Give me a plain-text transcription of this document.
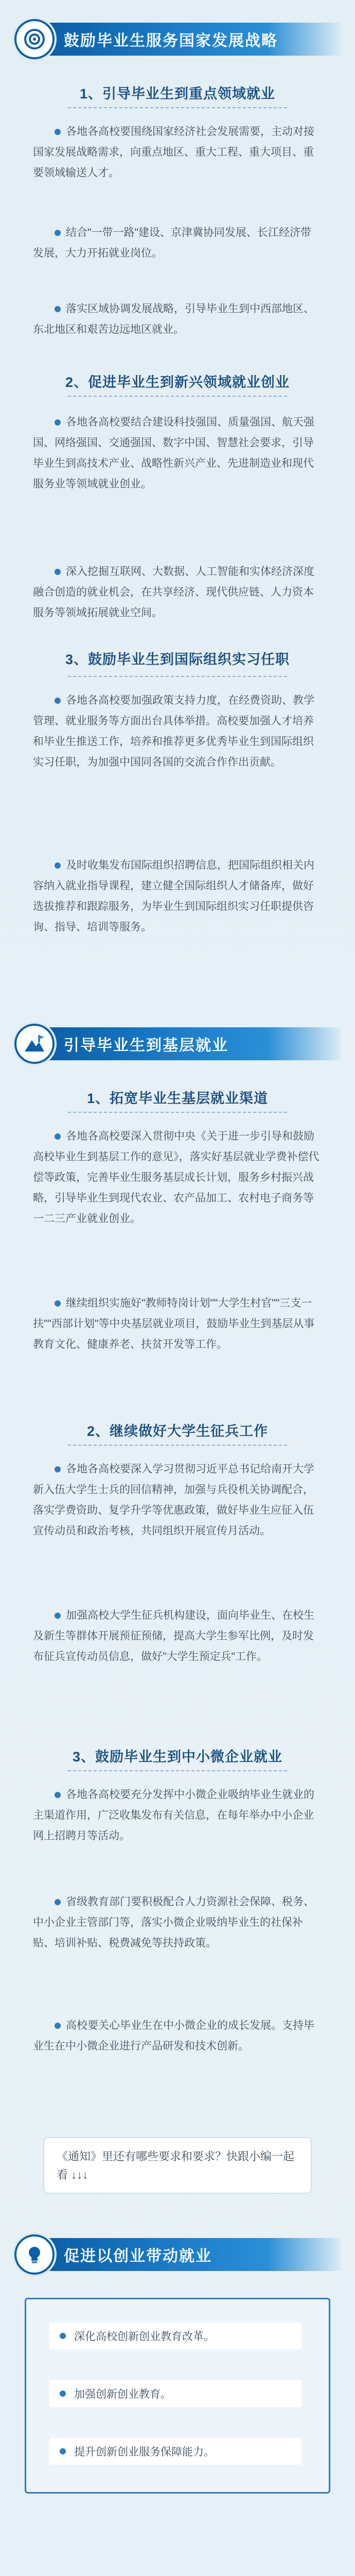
鼓励毕业生服务国家发展战略
1、引导毕业生到重点领域就业

各地各高校要围绕国家经济社会发展需要，主动对接国家发展战略需求，向重点地区、重大工程、重大项目、重要领域输送人才。

结合"一带一路"建设、京津冀协同发展、长江经济带发展，大力开拓就业岗位。

落实区域协调发展战略，引导毕业生到中西部地区、东北地区和艰苦边远地区就业。

2、促进毕业生到新兴领域就业创业

各地各高校要结合建设科技强国、质量强国、航天强国、网络强国、交通强国、数字中国、智慧社会要求，引导毕业生到高技术产业、战略性新兴产业、先进制造业和现代服务业等领域就业创业。

深入挖掘互联网、大数据、人工智能和实体经济深度融合创造的就业机会，在共享经济、现代供应链、人力资本服务等领域拓展就业空间。

3、鼓励毕业生到国际组织实习任职

各地各高校要加强政策支持力度，在经费资助、教学管理、就业服务等方面出台具体举措。高校要加强人才培养和毕业生推送工作，培养和推荐更多优秀毕业生到国际组织实习任职，为加强中国同各国的交流合作作出贡献。

及时收集发布国际组织招聘信息，把国际组织相关内容纳入就业指导课程，建立健全国际组织人才储备库，做好选拔推荐和跟踪服务，为毕业生到国际组织实习任职提供咨询、指导、培训等服务。

引导毕业生到基层就业
1、拓宽毕业生基层就业渠道

各地各高校要深入贯彻中央《关于进一步引导和鼓励高校毕业生到基层工作的意见》，落实好基层就业学费补偿代偿等政策，完善毕业生服务基层成长计划，服务乡村振兴战略，引导毕业生到现代农业、农产品加工、农村电子商务等一二三产业就业创业。

继续组织实施好"教师特岗计划""大学生村官""三支一扶""西部计划"等中央基层就业项目，鼓励毕业生到基层从事教育文化、健康养老、扶贫开发等工作。

2、继续做好大学生征兵工作

各地各高校要深入学习贯彻习近平总书记给南开大学新入伍大学生士兵的回信精神，加强与兵役机关协调配合，落实学费资助、复学升学等优惠政策，做好毕业生应征入伍宣传动员和政治考核，共同组织开展宣传月活动。

加强高校大学生征兵机构建设，面向毕业生、在校生及新生等群体开展预征预储，提高大学生参军比例，及时发布征兵宣传动员信息，做好"大学生预定兵"工作。

3、鼓励毕业生到中小微企业就业

各地各高校要充分发挥中小微企业吸纳毕业生就业的主渠道作用，广泛收集发布有关信息，在每年举办中小企业网上招聘月等活动。

省级教育部门要积极配合人力资源社会保障、税务、中小企业主管部门等，落实小微企业吸纳毕业生的社保补贴、培训补贴、税费减免等扶持政策。

高校要关心毕业生在中小微企业的成长发展。支持毕业生在中小微企业进行产品研发和技术创新。

《通知》里还有哪些要求和要求？快跟小编一起看 ↓↓↓
促进以创业带动就业
深化高校创新创业教育改革。
加强创新创业教育。
提升创新创业服务保障能力。
